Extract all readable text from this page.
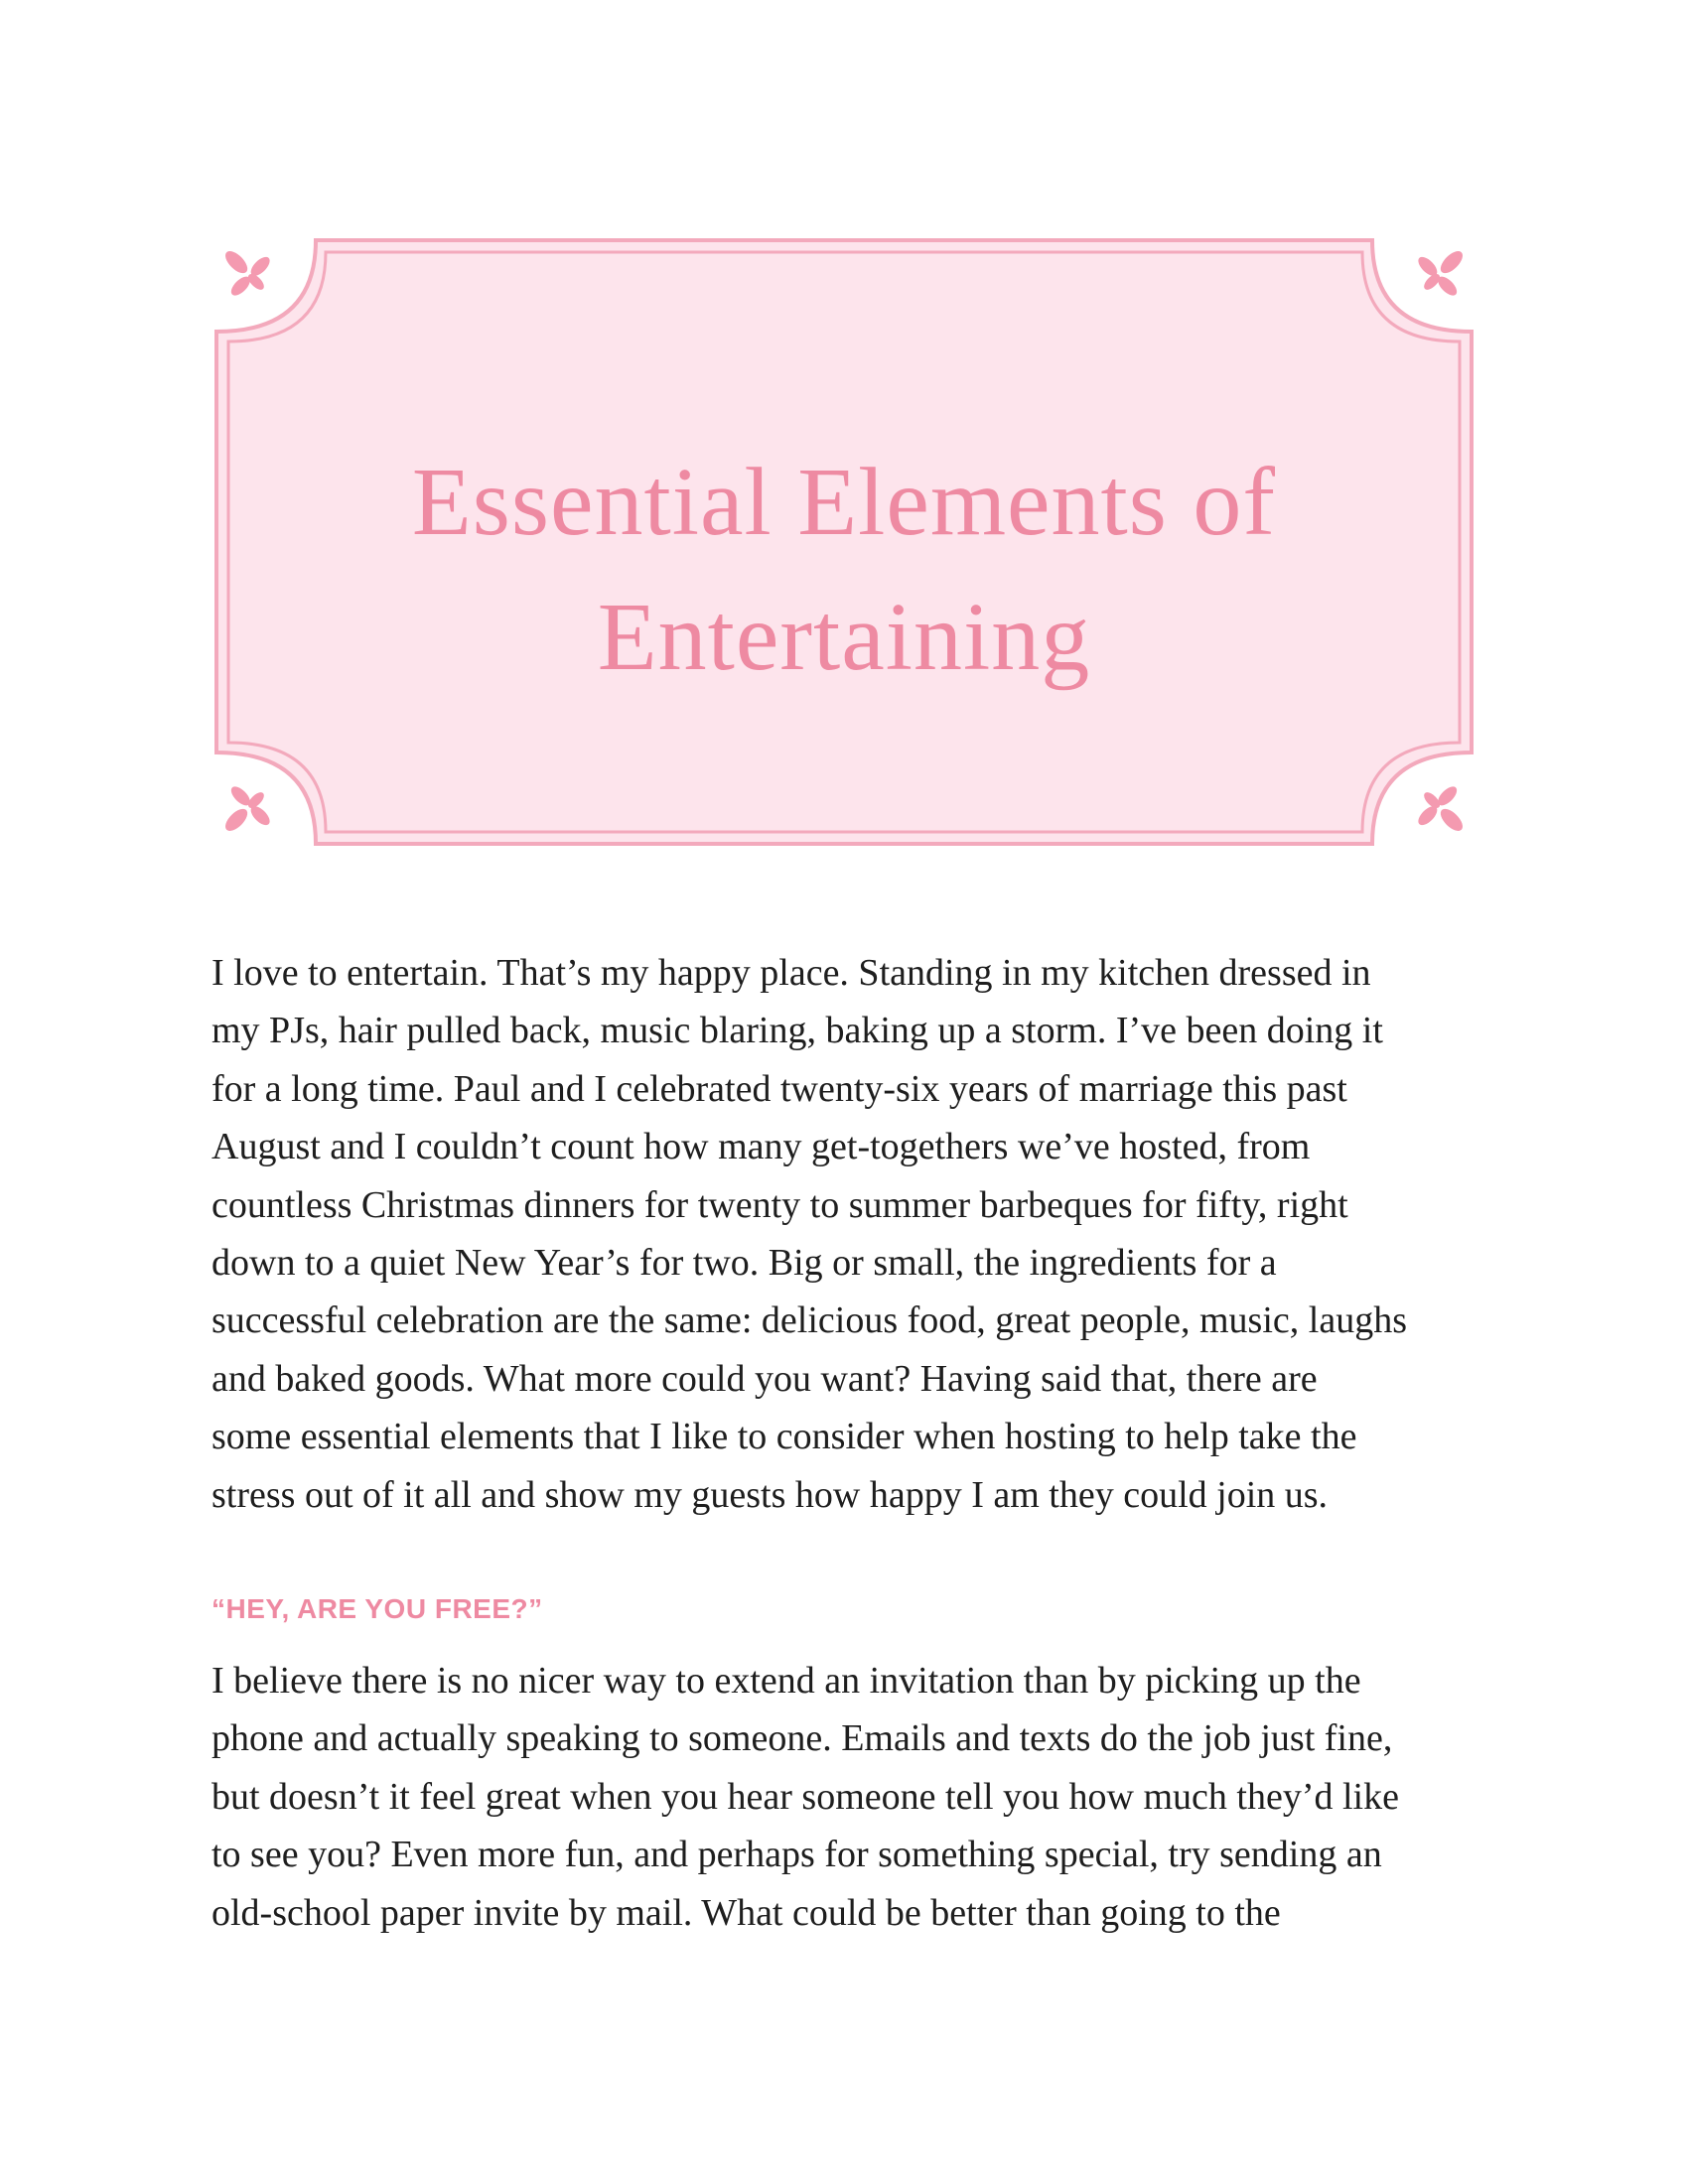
Essential Elements of
Entertaining
I love to entertain. That’s my happy place. Standing in my kitchen dressed in
my PJs, hair pulled back, music blaring, baking up a storm. I’ve been doing it
for a long time. Paul and I celebrated twenty-six years of marriage this past
August and I couldn’t count how many get-togethers we’ve hosted, from
countless Christmas dinners for twenty to summer barbeques for fifty, right
down to a quiet New Year’s for two. Big or small, the ingredients for a
successful celebration are the same: delicious food, great people, music, laughs
and baked goods. What more could you want? Having said that, there are
some essential elements that I like to consider when hosting to help take the
stress out of it all and show my guests how happy I am they could join us.
“HEY, ARE YOU FREE?”
I believe there is no nicer way to extend an invitation than by picking up the
phone and actually speaking to someone. Emails and texts do the job just fine,
but doesn’t it feel great when you hear someone tell you how much they’d like
to see you? Even more fun, and perhaps for something special, try sending an
old-school paper invite by mail. What could be better than going to the
